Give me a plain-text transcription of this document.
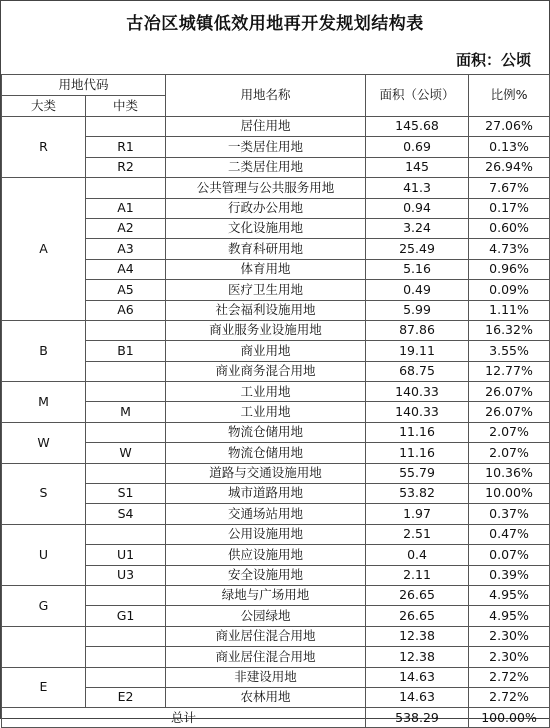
古冶区城镇低效用地再开发规划结构表
面积：公顷
用地代码		用地名称	面积（公顷）	比例%
大类	中类			
R		居住用地	145.68	27.06%
	R1	一类居住用地	0.69	0.13%
	R2	二类居住用地	145	26.94%
A		公共管理与公共服务用地	41.3	7.67%
	A1	行政办公用地	0.94	0.17%
	A2	文化设施用地	3.24	0.60%
	A3	教育科研用地	25.49	4.73%
	A4	体育用地	5.16	0.96%
	A5	医疗卫生用地	0.49	0.09%
	A6	社会福利设施用地	5.99	1.11%
B		商业服务业设施用地	87.86	16.32%
	B1	商业用地	19.11	3.55%
		商业商务混合用地	68.75	12.77%
M		工业用地	140.33	26.07%
	M	工业用地	140.33	26.07%
W		物流仓储用地	11.16	2.07%
	W	物流仓储用地	11.16	2.07%
S		道路与交通设施用地	55.79	10.36%
	S1	城市道路用地	53.82	10.00%
	S4	交通场站用地	1.97	0.37%
U		公用设施用地	2.51	0.47%
	U1	供应设施用地	0.4	0.07%
	U3	安全设施用地	2.11	0.39%
G		绿地与广场用地	26.65	4.95%
	G1	公园绿地	26.65	4.95%
		商业居住混合用地	12.38	2.30%
		商业居住混合用地	12.38	2.30%
E		非建设用地	14.63	2.72%
	E2	农林用地	14.63	2.72%
总计			538.29	100.00%
